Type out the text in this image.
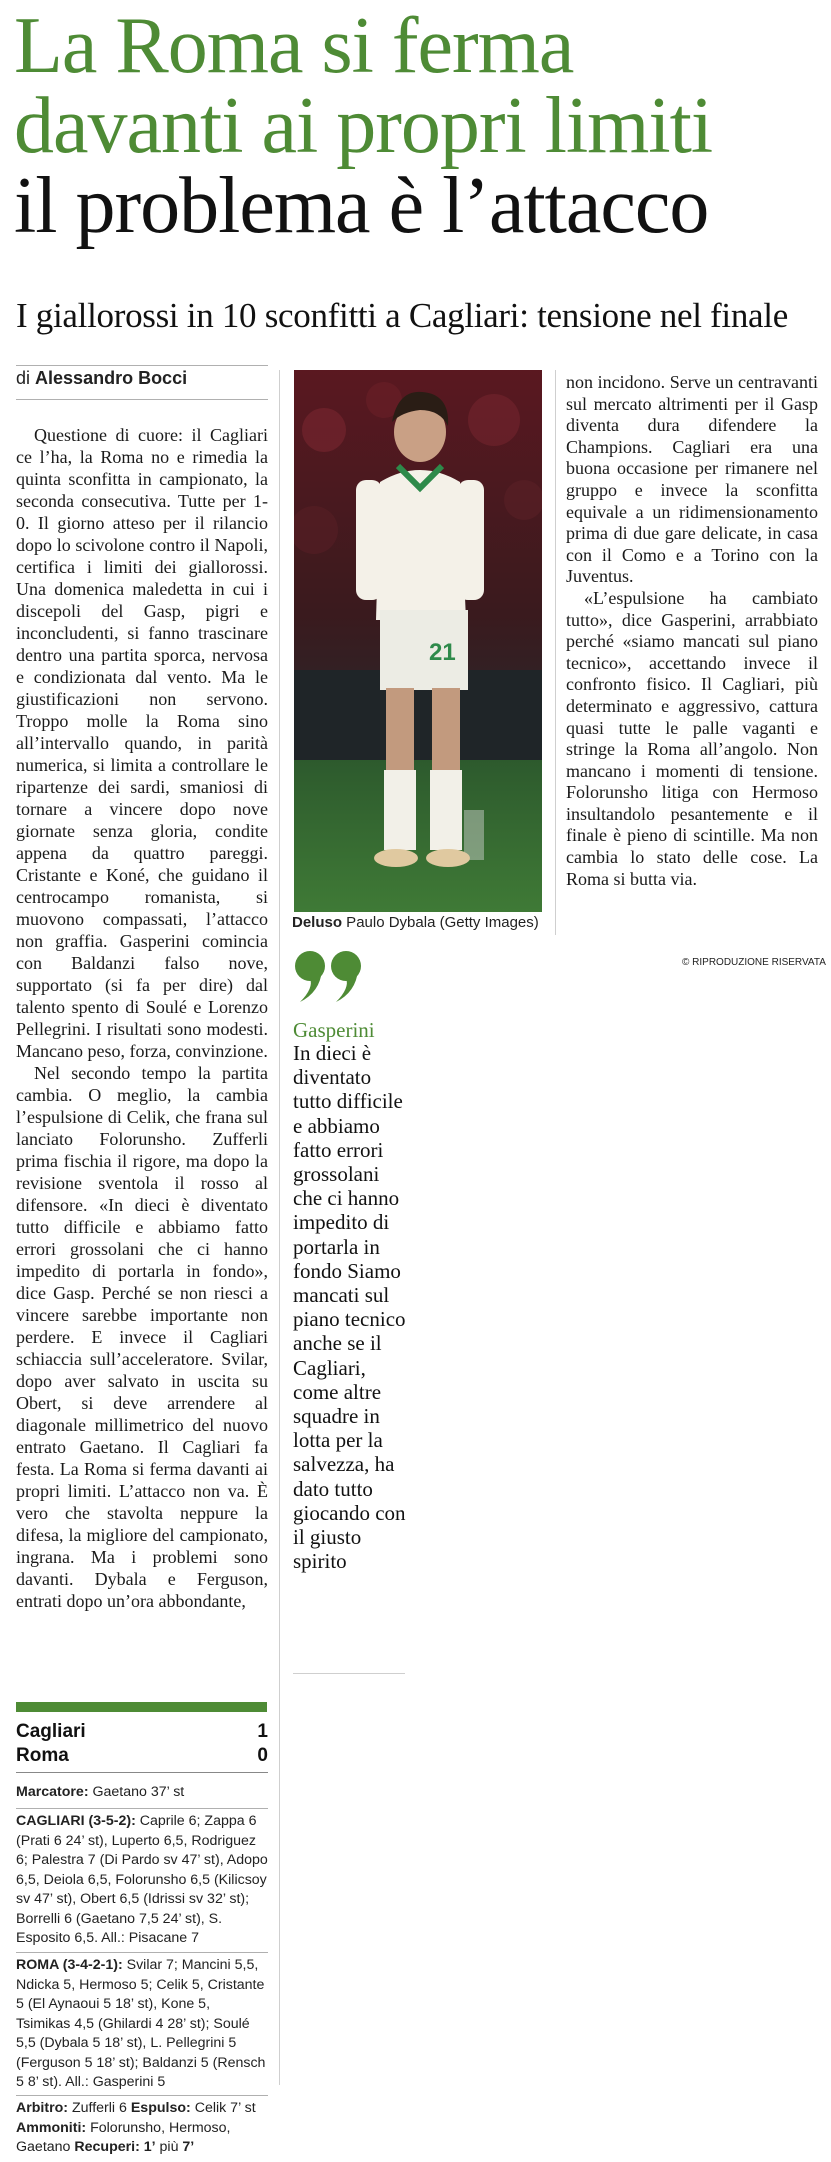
La Roma si ferma
davanti ai propri limiti
il problema è l’attacco
I giallorossi in 10 sconfitti a Cagliari: tensione nel finale
di Alessandro Bocci

Questione di cuore: il Cagliari ce l’ha, la Roma no e rimedia la quinta sconfitta in campionato, la seconda consecutiva. Tutte per 1-0. Il giorno atteso per il rilancio dopo lo scivolone contro il Napoli, certifica i limiti dei giallorossi. Una domenica maledetta in cui i discepoli del Gasp, pigri e inconcludenti, si fanno trascinare dentro una partita sporca, nervosa e condizionata dal vento. Ma le giustificazioni non servono. Troppo molle la Roma sino all’intervallo quando, in parità numerica, si limita a controllare le ripartenze dei sardi, smaniosi di tornare a vincere dopo nove giornate senza gloria, condite appena da quattro pareggi. Cristante e Koné, che guidano il centrocampo romanista, si muovono compassati, l’attacco non graffia. Gasperini comincia con Baldanzi falso nove, supportato (si fa per dire) dal talento spento di Soulé e Lorenzo Pellegrini. I risultati sono modesti. Mancano peso, forza, convinzione.

Nel secondo tempo la partita cambia. O meglio, la cambia l’espulsione di Celik, che frana sul lanciato Folorunsho. Zufferli prima fischia il rigore, ma dopo la revisione sventola il rosso al difensore. «In dieci è diventato tutto difficile e abbiamo fatto errori grossolani che ci hanno impedito di portarla in fondo», dice Gasp. Perché se non riesci a vincere sarebbe importante non perdere. E invece il Cagliari schiaccia sull’acceleratore. Svilar, dopo aver salvato in uscita su Obert, si deve arrendere al diagonale millimetrico del nuovo entrato Gaetano. Il Cagliari fa festa. La Roma si ferma davanti ai propri limiti. L’attacco non va. È vero che stavolta neppure la difesa, la migliore del campionato, ingrana. Ma i problemi sono davanti. Dybala e Ferguson, entrati dopo un’ora abbondante,

21
Deluso Paulo Dybala (Getty Images)
Gasperini
In dieci è diventato tutto difficile e abbiamo fatto errori grossolani che ci hanno impedito di portarla in fondo Siamo mancati sul piano tecnico anche se il Cagliari, come altre squadre in lotta per la salvezza, ha dato tutto giocando con il giusto spirito

non incidono. Serve un centravanti sul mercato altrimenti per il Gasp diventa dura difendere la Champions. Cagliari era una buona occasione per rimanere nel gruppo e invece la sconfitta equivale a un ridimensionamento prima di due gare delicate, in casa con il Como e a Torino con la Juventus.

«L’espulsione ha cambiato tutto», dice Gasperini, arrabbiato perché «siamo mancati sul piano tecnico», accettando invece il confronto fisico. Il Cagliari, più determinato e aggressivo, cattura quasi tutte le palle vaganti e stringe la Roma all’angolo. Non mancano i momenti di tensione. Folorunsho litiga con Hermoso insultandolo pesantemente e il finale è pieno di scintille. Ma non cambia lo stato delle cose. La Roma si butta via.

© RIPRODUZIONE RISERVATA
Cagliari	1
Roma	0
Marcatore: Gaetano 37’ st
CAGLIARI (3-5-2): Caprile 6; Zappa 6 (Prati 6 24’ st), Luperto 6,5, Rodriguez 6; Palestra 7 (Di Pardo sv 47’ st), Adopo 6,5, Deiola 6,5, Folorunsho 6,5 (Kilicsoy sv 47’ st), Obert 6,5 (Idrissi sv 32’ st); Borrelli 6 (Gaetano 7,5 24’ st), S. Esposito 6,5. All.: Pisacane 7
ROMA (3-4-2-1): Svilar 7; Mancini 5,5, Ndicka 5, Hermoso 5; Celik 5, Cristante 5 (El Aynaoui 5 18’ st), Kone 5, Tsimikas 4,5 (Ghilardi 4 28’ st); Soulé 5,5 (Dybala 5 18’ st), L. Pellegrini 5 (Ferguson 5 18’ st); Baldanzi 5 (Rensch 5 8’ st). All.: Gasperini 5
Arbitro: Zufferli 6 Espulso: Celik 7’ st
Ammoniti: Folorunsho, Hermoso, Gaetano Recuperi: 1’ più 7’
